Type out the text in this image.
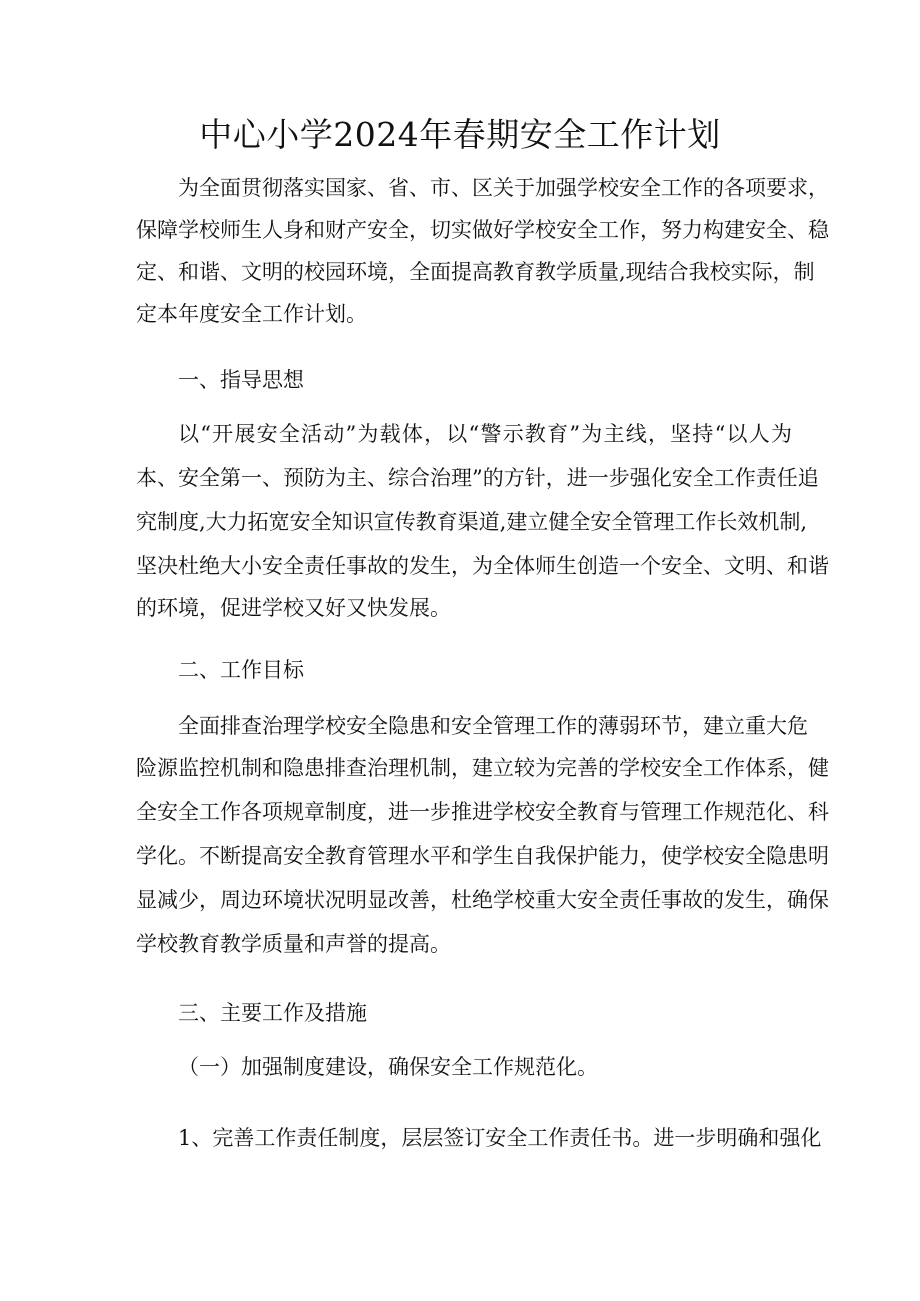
中心小学2024年春期安全工作计划
为全面贯彻落实国家、省、市、区关于加强学校安全工作的各项要求，
保障学校师生人身和财产安全，切实做好学校安全工作，努力构建安全、稳
定、和谐、文明的校园环境，全面提高教育教学质量,现结合我校实际，制
定本年度安全工作计划。
一、指导思想
以“开展安全活动”为载体，以“警示教育”为主线，坚持“以人为
本、安全第一、预防为主、综合治理”的方针，进一步强化安全工作责任追
究制度,大力拓宽安全知识宣传教育渠道,建立健全安全管理工作长效机制,
坚决杜绝大小安全责任事故的发生，为全体师生创造一个安全、文明、和谐
的环境，促进学校又好又快发展。
二、工作目标
全面排查治理学校安全隐患和安全管理工作的薄弱环节，建立重大危
险源监控机制和隐患排查治理机制，建立较为完善的学校安全工作体系，健
全安全工作各项规章制度，进一步推进学校安全教育与管理工作规范化、科
学化。不断提高安全教育管理水平和学生自我保护能力，使学校安全隐患明
显减少，周边环境状况明显改善，杜绝学校重大安全责任事故的发生，确保
学校教育教学质量和声誉的提高。
三、主要工作及措施
（一）加强制度建设，确保安全工作规范化。
1、完善工作责任制度，层层签订安全工作责任书。进一步明确和强化
